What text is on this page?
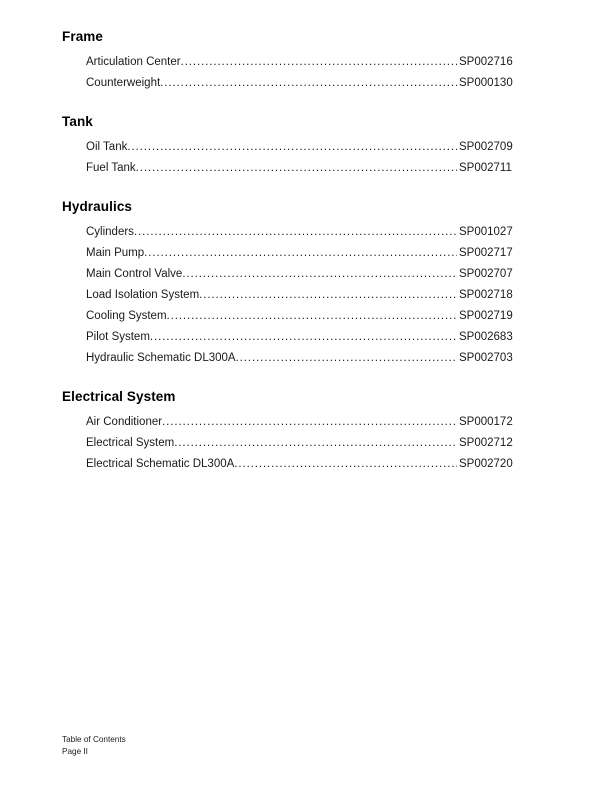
Frame
Articulation Center .....	SP002716
Counterweight .....	SP000130
Tank
Oil Tank .....	SP002709
Fuel Tank .....	SP002711
Hydraulics
Cylinders .....	SP001027
Main Pump .....	SP002717
Main Control Valve .....	SP002707
Load Isolation System .....	SP002718
Cooling System .....	SP002719
Pilot System .....	SP002683
Hydraulic Schematic DL300A .....	SP002703
Electrical System
Air Conditioner .....	SP000172
Electrical System .....	SP002712
Electrical Schematic DL300A .....	SP002720
Table of Contents
Page II
